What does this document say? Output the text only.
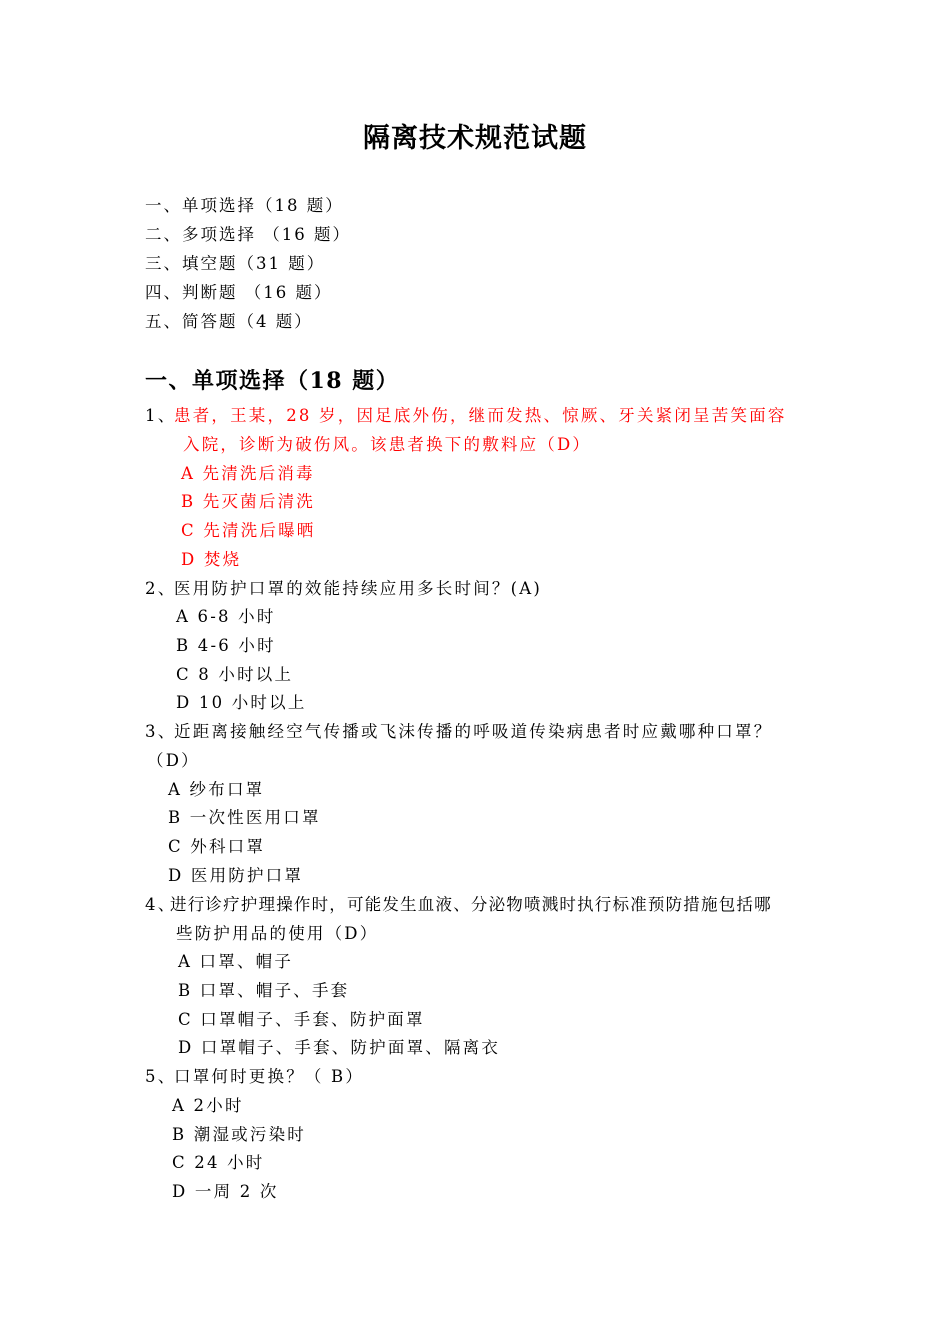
隔离技术规范试题
一、单项选择（18 题）
二、多项选择 （16 题）
三、填空题（31 题）
四、判断题 （16 题）
五、简答题（4 题）
一、单项选择（18 题）
1、
患者，王某，28 岁，因足底外伤，继而发热、惊厥、牙关紧闭呈苦笑面容
入院，诊断为破伤风。该患者换下的敷料应（D）
A 先清洗后消毒
B 先灭菌后清洗
C 先清洗后曝晒
D 焚烧
2、
医用防护口罩的效能持续应用多长时间？(A)
A 6-8 小时
B 4-6 小时
C 8 小时以上
D 10 小时以上
3、
近距离接触经空气传播或飞沫传播的呼吸道传染病患者时应戴哪种口罩？
（D）
A 纱布口罩
B 一次性医用口罩
C 外科口罩
D 医用防护口罩
4、
进行诊疗护理操作时，可能发生血液、分泌物喷溅时执行标准预防措施包括哪
些防护用品的使用（D）
A 口罩、帽子
B 口罩、帽子、手套
C 口罩帽子、手套、防护面罩
D 口罩帽子、手套、防护面罩、隔离衣
5、
口罩何时更换？（ B）
A 2小时
B 潮湿或污染时
C 24 小时
D 一周 2 次
